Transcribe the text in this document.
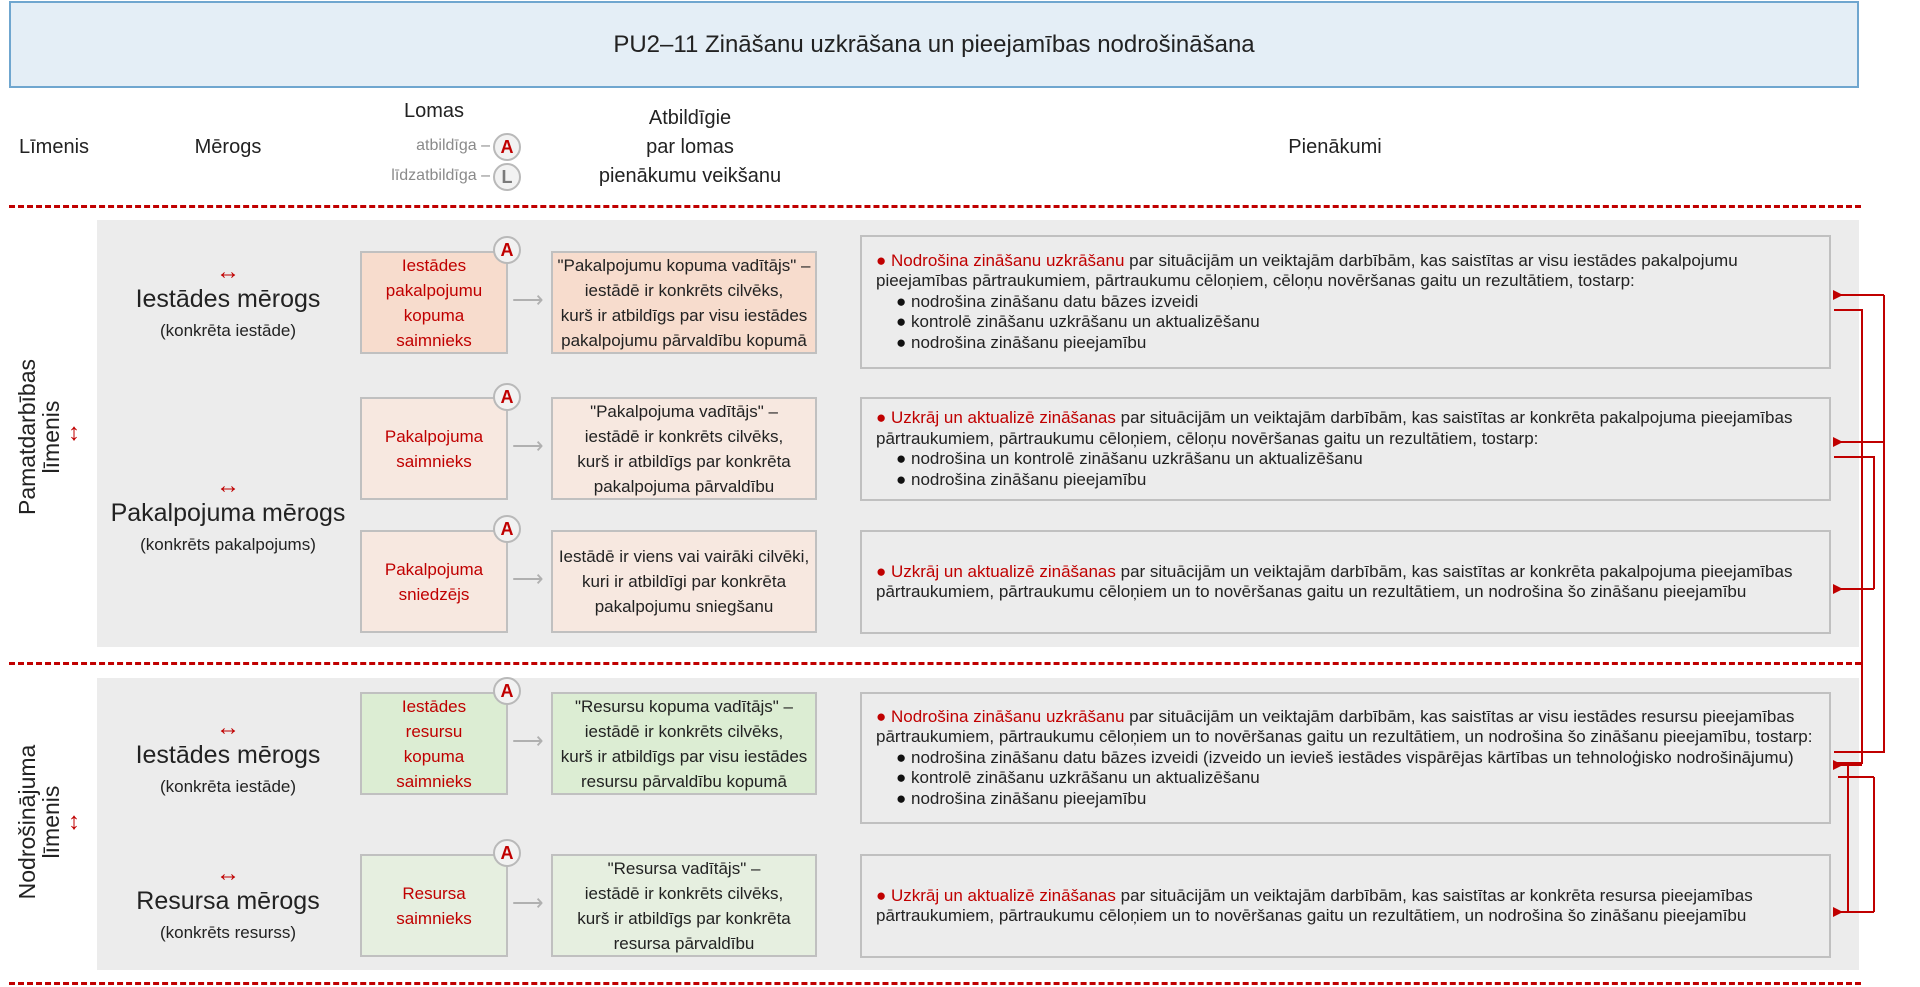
PU2–11 Zināšanu uzkrāšana un pieejamības nodrošināšana
Līmenis	Mērogs
Lomas
atbildīga – A
līdzatbildīga – L
Atbildīgie
par lomas
pienākumu veikšanu
Pienākumi
Pamatdarbības
līmenis ↕
Nodrošinājuma
līmenis ↕
↔
Iestādes mērogs
(konkrēta iestāde)
↔
Pakalpojuma mērogs
(konkrēts pakalpojums)
↔
Iestādes mērogs
(konkrēta iestāde)
↔
Resursa mērogs
(konkrēts resurss)
Iestādes
pakalpojumu
kopuma
saimnieks
A
⟶
"Pakalpojumu kopuma vadītājs" –
iestādē ir konkrēts cilvēks,
kurš ir atbildīgs par visu iestādes
pakalpojumu pārvaldību kopumā
● Nodrošina zināšanu uzkrāšanu par situācijām un veiktajām darbībām, kas saistītas ar visu iestādes pakalpojumu pieejamības pārtraukumiem, pārtraukumu cēloņiem, cēloņu novēršanas gaitu un rezultātiem, tostarp:
● nodrošina zināšanu datu bāzes izveidi
● kontrolē zināšanu uzkrāšanu un aktualizēšanu
● nodrošina zināšanu pieejamību
Pakalpojuma
saimnieks
A
⟶
"Pakalpojuma vadītājs" –
iestādē ir konkrēts cilvēks,
kurš ir atbildīgs par konkrēta
pakalpojuma pārvaldību
● Uzkrāj un aktualizē zināšanas par situācijām un veiktajām darbībām, kas saistītas ar konkrēta pakalpojuma pieejamības pārtraukumiem, pārtraukumu cēloņiem, cēloņu novēršanas gaitu un rezultātiem, tostarp:
● nodrošina un kontrolē zināšanu uzkrāšanu un aktualizēšanu
● nodrošina zināšanu pieejamību
Pakalpojuma
sniedzējs
A
⟶
Iestādē ir viens vai vairāki cilvēki,
kuri ir atbildīgi par konkrēta
pakalpojumu sniegšanu
● Uzkrāj un aktualizē zināšanas par situācijām un veiktajām darbībām, kas saistītas ar konkrēta pakalpojuma pieejamības pārtraukumiem, pārtraukumu cēloņiem un to novēršanas gaitu un rezultātiem, un nodrošina šo zināšanu pieejamību
Iestādes
resursu
kopuma
saimnieks
A
⟶
"Resursu kopuma vadītājs" –
iestādē ir konkrēts cilvēks,
kurš ir atbildīgs par visu iestādes
resursu pārvaldību kopumā
● Nodrošina zināšanu uzkrāšanu par situācijām un veiktajām darbībām, kas saistītas ar visu iestādes resursu pieejamības pārtraukumiem, pārtraukumu cēloņiem un to novēršanas gaitu un rezultātiem, un nodrošina šo zināšanu pieejamību, tostarp:
● nodrošina zināšanu datu bāzes izveidi (izveido un ievieš iestādes vispārējas kārtības un tehnoloģisko nodrošinājumu)
● kontrolē zināšanu uzkrāšanu un aktualizēšanu
● nodrošina zināšanu pieejamību
Resursa
saimnieks
A
⟶
"Resursa vadītājs" –
iestādē ir konkrēts cilvēks,
kurš ir atbildīgs par konkrēta
resursa pārvaldību
● Uzkrāj un aktualizē zināšanas par situācijām un veiktajām darbībām, kas saistītas ar konkrēta resursa pieejamības pārtraukumiem, pārtraukumu cēloņiem un to novēršanas gaitu un rezultātiem, un nodrošina šo zināšanu pieejamību
